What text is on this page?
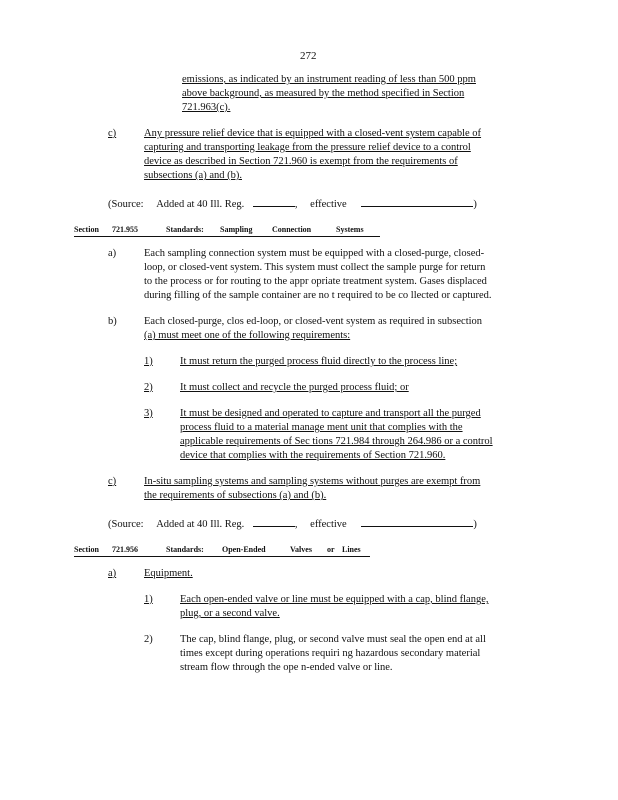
272
emissions, as indicated by an instrument reading of less than 500 ppm
above background, as measured by the method specified in Section
721.963(c).
c)	Any pressure relief device that is equipped with a closed-vent system capable of
capturing and transporting leakage from the pressure relief device to a control
device as described in Section 721.960 is exempt from the requirements of
subsections (a) and (b).
(Source: Added at 40 Ill. Reg.	, effective	)
Section 721.955	Standards: Sampling Connection	Systems
a)	Each sampling connection system must be equipped with a closed-purge, closed-
loop, or closed-vent system. This system must collect the sample purge for return
to the process or for routing to the appr opriate treatment system. Gases displaced
during filling of the sample container are no t required to be co llected or captured.
b)	Each closed-purge, clos ed-loop, or closed-vent system as required in subsection
(a) must meet one of the following requirements:
1)	It must return the purged process fluid directly to the process line;
2)	It must collect and recycle the purged process fluid; or
3)	It must be designed and operated to capture and transport all the purged
process fluid to a material manage ment unit that complies with the
applicable requirements of Sec tions 721.984 through 264.986 or a control
device that complies with the requirements of Section 721.960.
c)	In-situ sampling systems and sampling systems without purges are exempt from
the requirements of subsections (a) and (b).
(Source: Added at 40 Ill. Reg.	, effective	)
Section 721.956	Standards: Open-Ended	Valves or Lines
a)	Equipment.
1)	Each open-ended valve or line must be equipped with a cap, blind flange,
plug, or a second valve.
2)	The cap, blind flange, plug, or second valve must seal the open end at all
times except during operations requiri ng hazardous secondary material
stream flow through the ope n-ended valve or line.
